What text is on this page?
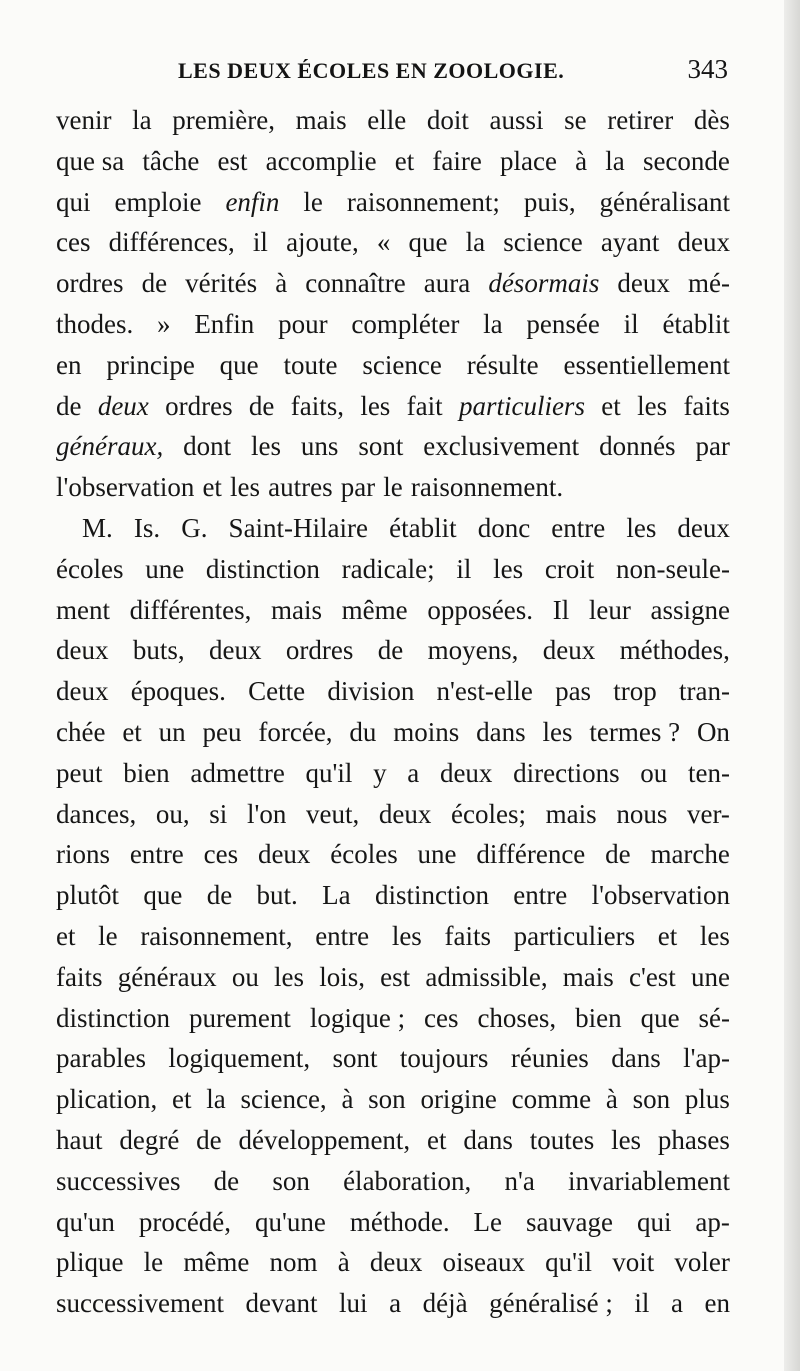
LES DEUX ÉCOLES EN ZOOLOGIE.	343
venir la première, mais elle doit aussi se retirer dès
que sa tâche est accomplie et faire place à la seconde
qui emploie enfin le raisonnement; puis, généralisant
ces différences, il ajoute, « que la science ayant deux
ordres de vérités à connaître aura désormais deux mé-
thodes. » Enfin pour compléter la pensée il établit
en principe que toute science résulte essentiellement
de deux ordres de faits, les fait particuliers et les faits
généraux, dont les uns sont exclusivement donnés par
l'observation et les autres par le raisonnement.
M. Is. G. Saint-Hilaire établit donc entre les deux
écoles une distinction radicale; il les croit non-seule-
ment différentes, mais même opposées. Il leur assigne
deux buts, deux ordres de moyens, deux méthodes,
deux époques. Cette division n'est-elle pas trop tran-
chée et un peu forcée, du moins dans les termes ? On
peut bien admettre qu'il y a deux directions ou ten-
dances, ou, si l'on veut, deux écoles; mais nous ver-
rions entre ces deux écoles une différence de marche
plutôt que de but. La distinction entre l'observation
et le raisonnement, entre les faits particuliers et les
faits généraux ou les lois, est admissible, mais c'est une
distinction purement logique ; ces choses, bien que sé-
parables logiquement, sont toujours réunies dans l'ap-
plication, et la science, à son origine comme à son plus
haut degré de développement, et dans toutes les phases
successives de son élaboration, n'a invariablement
qu'un procédé, qu'une méthode. Le sauvage qui ap-
plique le même nom à deux oiseaux qu'il voit voler
successivement devant lui a déjà généralisé ; il a en
